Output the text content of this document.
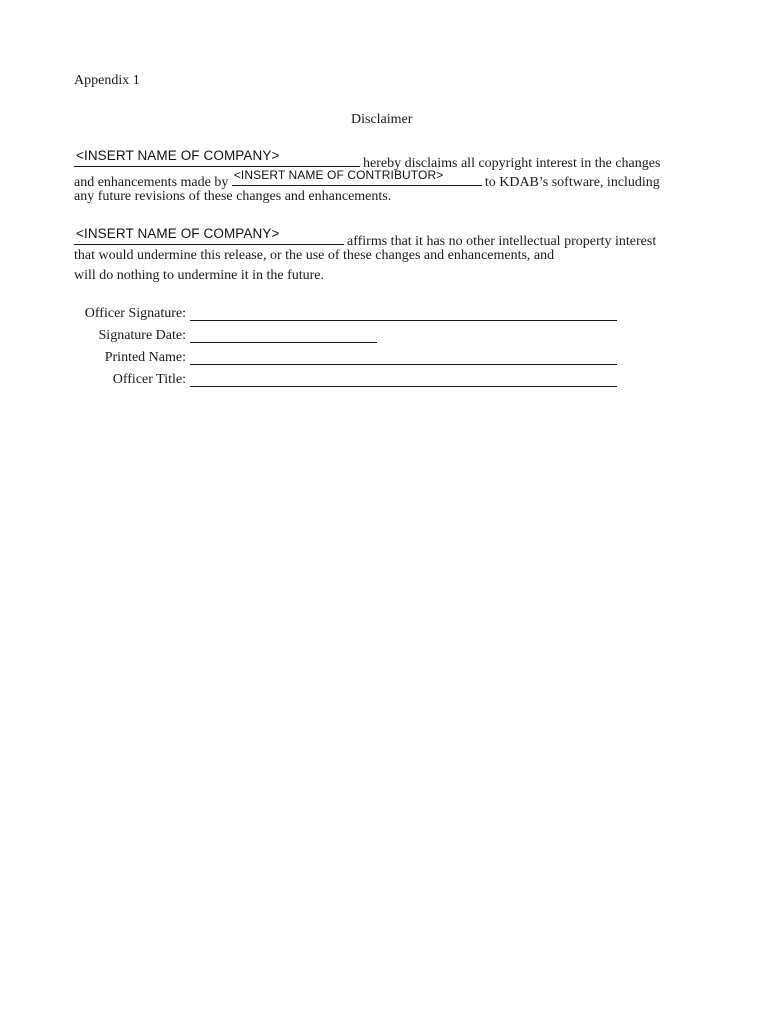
Appendix 1
Disclaimer
<INSERT NAME OF COMPANY>
hereby disclaims all copyright interest in the changes
and enhancements made by <INSERT NAME OF CONTRIBUTOR>	to KDAB’s software, including
any future revisions of these changes and enhancements.
<INSERT NAME OF COMPANY>
affirms that it has no other intellectual property interest
that would undermine this release, or the use of these changes and enhancements, and
will do nothing to undermine it in the future.
Officer Signature:
Signature Date:
Printed Name:
Officer Title:
